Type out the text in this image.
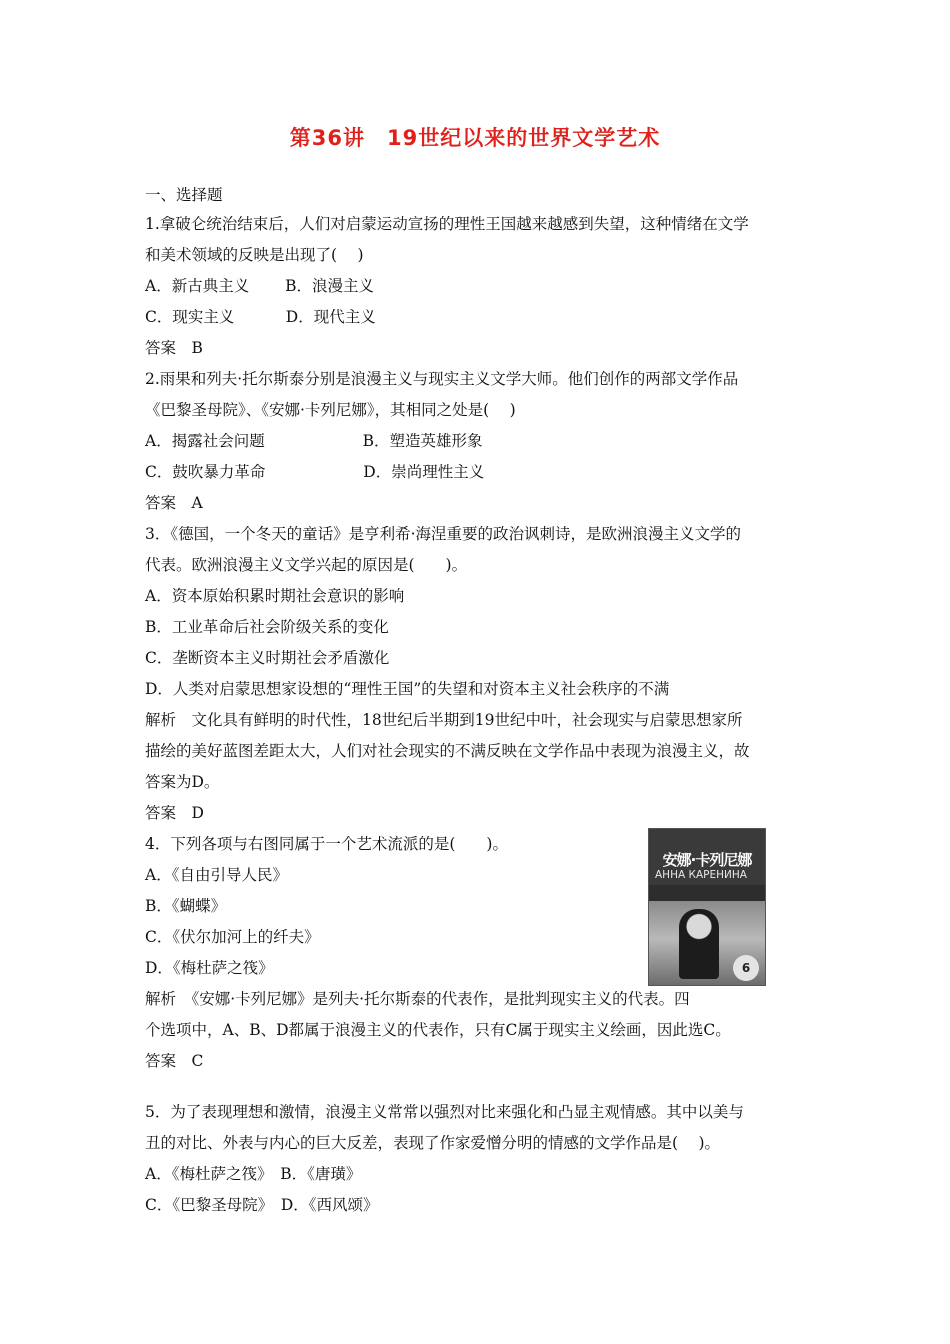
第36讲　19世纪以来的世界文学艺术
一、选择题
1.拿破仑统治结束后，人们对启蒙运动宣扬的理性王国越来越感到失望，这种情绪在文学
和美术领域的反映是出现了(　 )
A．新古典主义　　 B．浪漫主义
C．现实主义　　　 D．现代主义
答案　B
2.雨果和列夫·托尔斯泰分别是浪漫主义与现实主义文学大师。他们创作的两部文学作品
《巴黎圣母院》、《安娜·卡列尼娜》，其相同之处是(　 )
A．揭露社会问题　　　　　　 B．塑造英雄形象
C．鼓吹暴力革命　　　　　　 D．崇尚理性主义
答案　A
3．《德国，一个冬天的童话》是亨利希·海涅重要的政治讽刺诗，是欧洲浪漫主义文学的
代表。欧洲浪漫主义文学兴起的原因是(　　)。
A．资本原始积累时期社会意识的影响
B．工业革命后社会阶级关系的变化
C．垄断资本主义时期社会矛盾激化
D．人类对启蒙思想家设想的“理性王国”的失望和对资本主义社会秩序的不满
解析　文化具有鲜明的时代性，18世纪后半期到19世纪中叶，社会现实与启蒙思想家所
描绘的美好蓝图差距太大，人们对社会现实的不满反映在文学作品中表现为浪漫主义，故
答案为D。
答案　D
4．下列各项与右图同属于一个艺术流派的是(　　)。
A．《自由引导人民》
B．《蝴蝶》
C．《伏尔加河上的纤夫》
D．《梅杜萨之筏》
解析　《安娜·卡列尼娜》是列夫·托尔斯泰的代表作，是批判现实主义的代表。四
个选项中，A、B、D都属于浪漫主义的代表作，只有C属于现实主义绘画，因此选C。
答案　C
5．为了表现理想和激情，浪漫主义常常以强烈对比来强化和凸显主观情感。其中以美与
丑的对比、外表与内心的巨大反差，表现了作家爱憎分明的情感的文学作品是(　 )。
A．《梅杜萨之筏》　B．《唐璜》
C．《巴黎圣母院》　D．《西风颂》
安娜·卡列尼娜
АННА КАРЕНИНА
6
